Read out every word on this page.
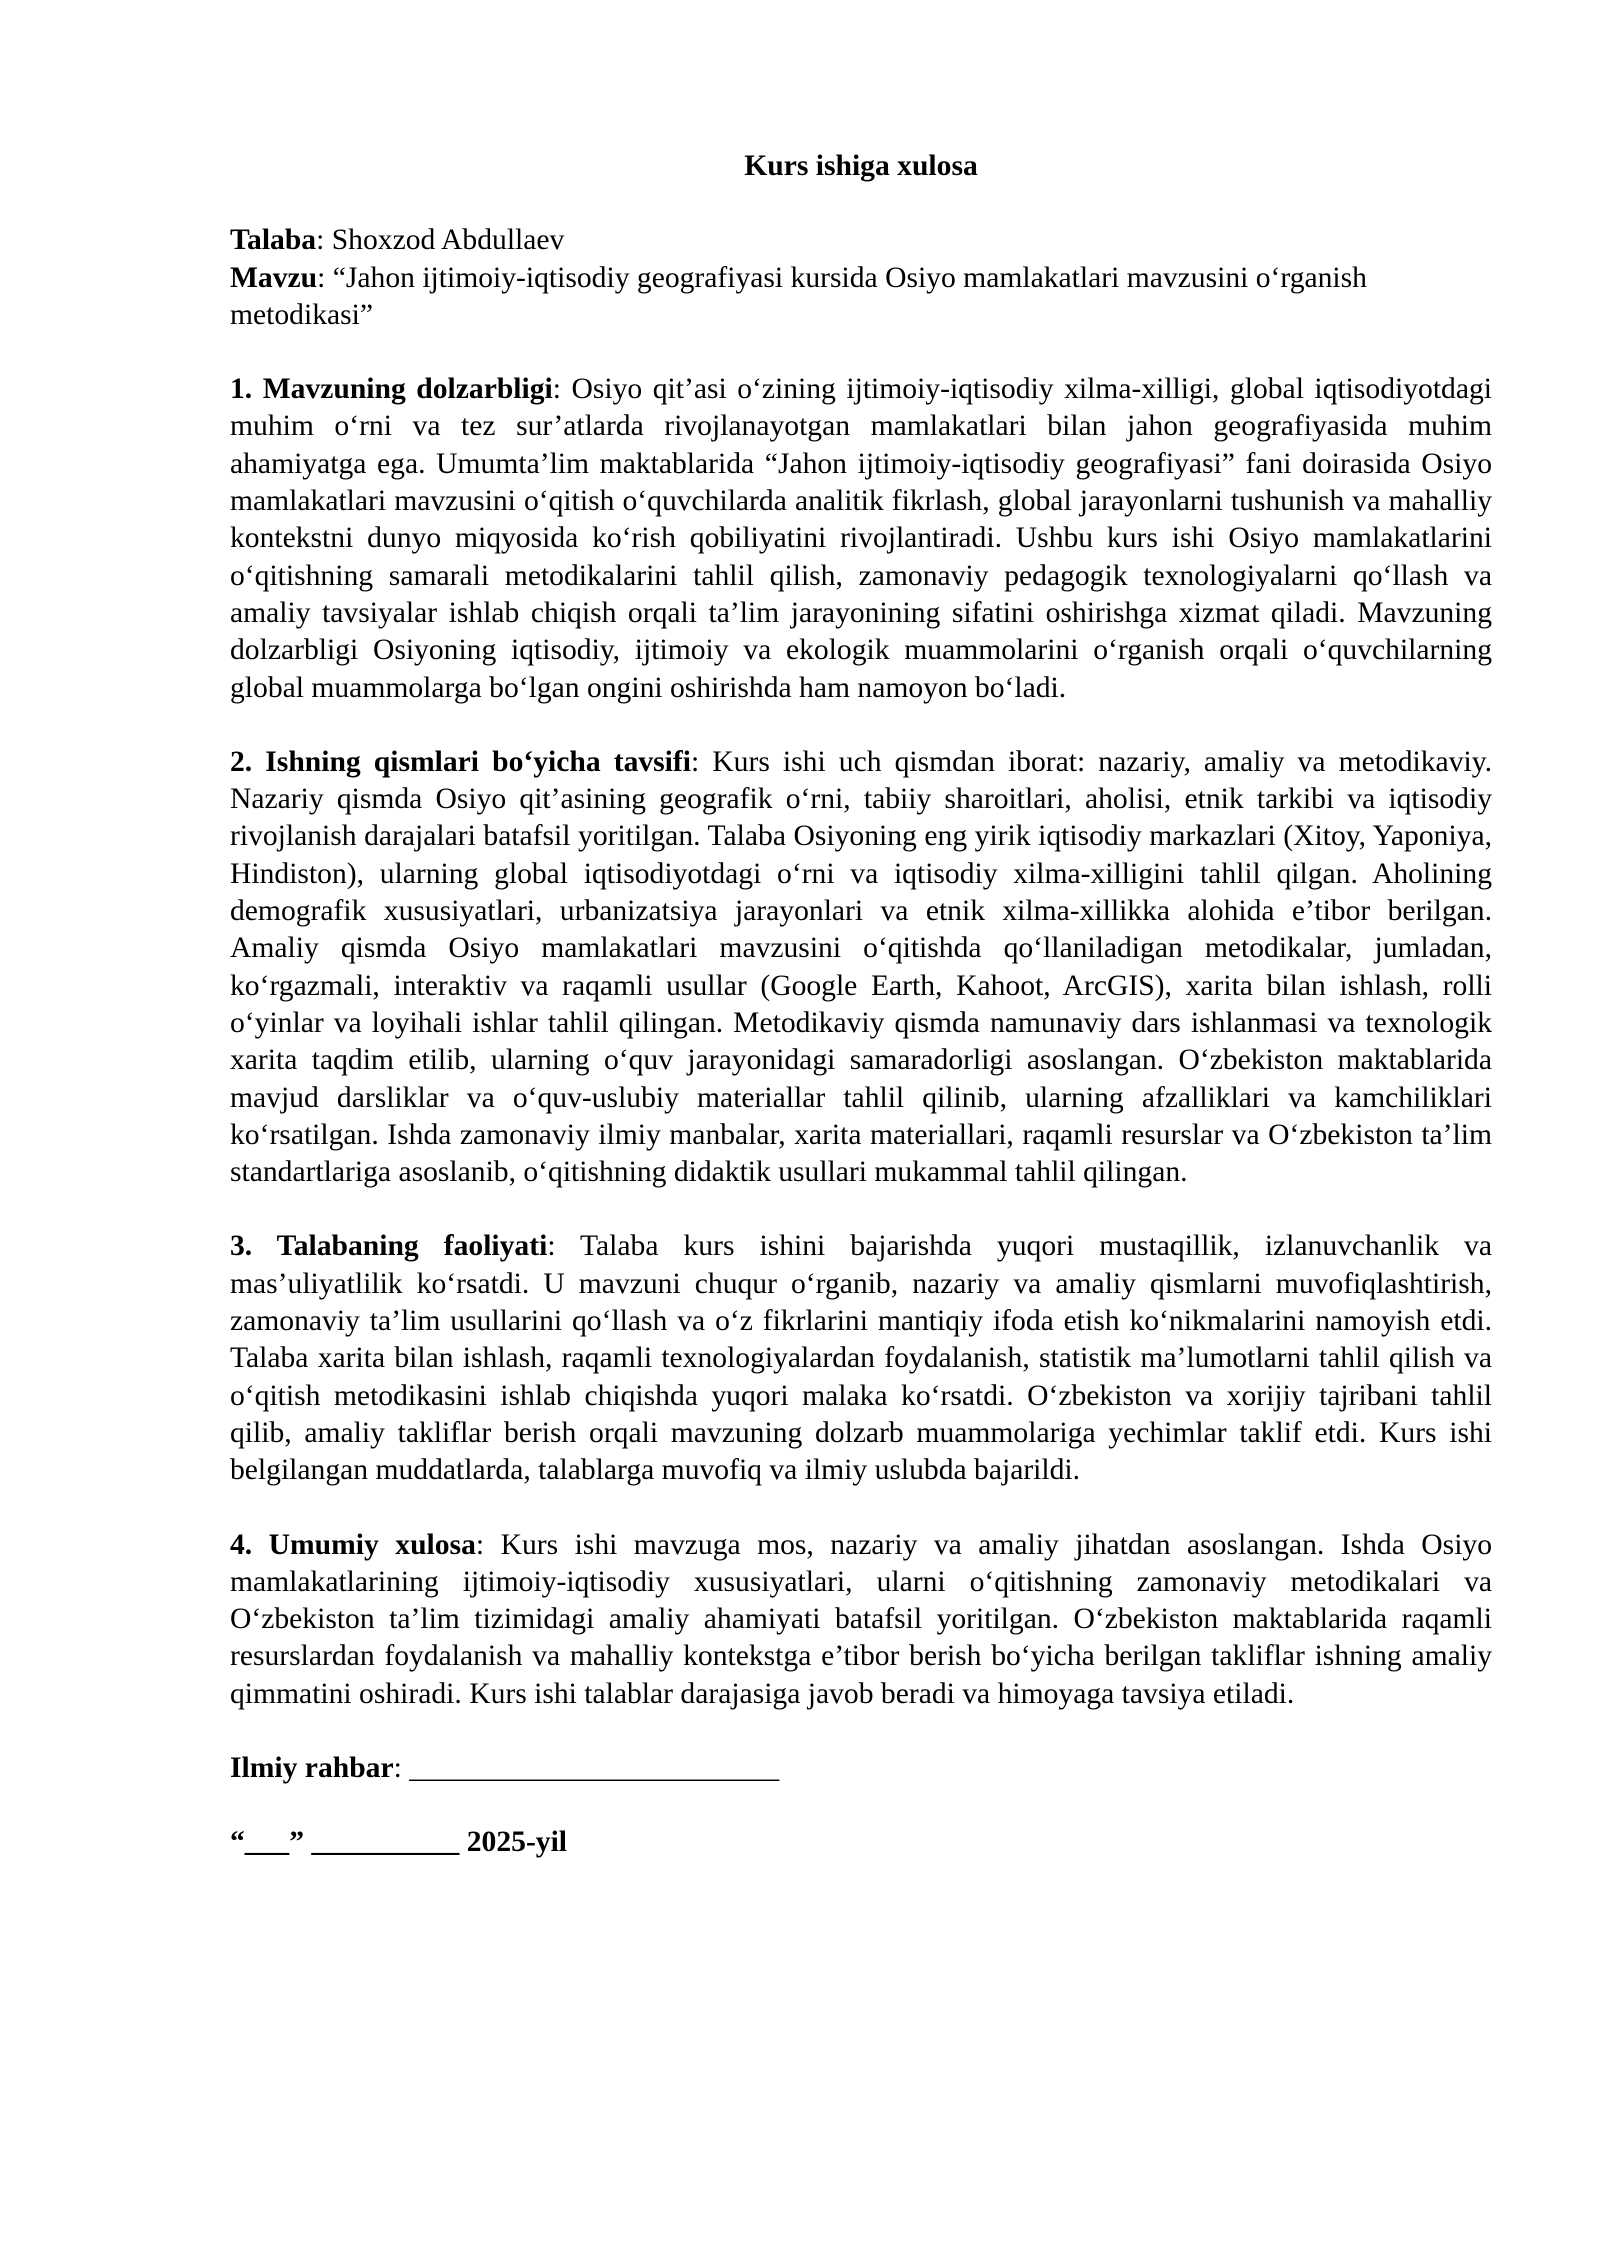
Kurs ishiga xulosa

Talaba: Shoxzod Abdullaev

Mavzu: “Jahon ijtimoiy-iqtisodiy geografiyasi kursida Osiyo mamlakatlari mavzusini o‘rganish metodikasi”

1. Mavzuning dolzarbligi: Osiyo qit’asi o‘zining ijtimoiy-iqtisodiy xilma-xilligi, global iqtisodiyotdagi muhim o‘rni va tez sur’atlarda rivojlanayotgan mamlakatlari bilan jahon geografiyasida muhim ahamiyatga ega. Umumta’lim maktablarida “Jahon ijtimoiy-iqtisodiy geografiyasi” fani doirasida Osiyo mamlakatlari mavzusini o‘qitish o‘quvchilarda analitik fikrlash, global jarayonlarni tushunish va mahalliy kontekstni dunyo miqyosida ko‘rish qobiliyatini rivojlantiradi. Ushbu kurs ishi Osiyo mamlakatlarini o‘qitishning samarali metodikalarini tahlil qilish, zamonaviy pedagogik texnologiyalarni qo‘llash va amaliy tavsiyalar ishlab chiqish orqali ta’lim jarayonining sifatini oshirishga xizmat qiladi. Mavzuning dolzarbligi Osiyoning iqtisodiy, ijtimoiy va ekologik muammolarini o‘rganish orqali o‘quvchilarning global muammolarga bo‘lgan ongini oshirishda ham namoyon bo‘ladi.

2. Ishning qismlari bo‘yicha tavsifi: Kurs ishi uch qismdan iborat: nazariy, amaliy va metodikaviy. Nazariy qismda Osiyo qit’asining geografik o‘rni, tabiiy sharoitlari, aholisi, etnik tarkibi va iqtisodiy rivojlanish darajalari batafsil yoritilgan. Talaba Osiyoning eng yirik iqtisodiy markazlari (Xitoy, Yaponiya, Hindiston), ularning global iqtisodiyotdagi o‘rni va iqtisodiy xilma-xilligini tahlil qilgan. Aholining demografik xususiyatlari, urbanizatsiya jarayonlari va etnik xilma-xillikka alohida e’tibor berilgan. Amaliy qismda Osiyo mamlakatlari mavzusini o‘qitishda qo‘llaniladigan metodikalar, jumladan, ko‘rgazmali, interaktiv va raqamli usullar (Google Earth, Kahoot, ArcGIS), xarita bilan ishlash, rolli o‘yinlar va loyihali ishlar tahlil qilingan. Metodikaviy qismda namunaviy dars ishlanmasi va texnologik xarita taqdim etilib, ularning o‘quv jarayonidagi samaradorligi asoslangan. O‘zbekiston maktablarida mavjud darsliklar va o‘quv-uslubiy materiallar tahlil qilinib, ularning afzalliklari va kamchiliklari ko‘rsatilgan. Ishda zamonaviy ilmiy manbalar, xarita materiallari, raqamli resurslar va O‘zbekiston ta’lim standartlariga asoslanib, o‘qitishning didaktik usullari mukammal tahlil qilingan.

3. Talabaning faoliyati: Talaba kurs ishini bajarishda yuqori mustaqillik, izlanuvchanlik va mas’uliyatlilik ko‘rsatdi. U mavzuni chuqur o‘rganib, nazariy va amaliy qismlarni muvofiqlashtirish, zamonaviy ta’lim usullarini qo‘llash va o‘z fikrlarini mantiqiy ifoda etish ko‘nikmalarini namoyish etdi. Talaba xarita bilan ishlash, raqamli texnologiyalardan foydalanish, statistik ma’lumotlarni tahlil qilish va o‘qitish metodikasini ishlab chiqishda yuqori malaka ko‘rsatdi. O‘zbekiston va xorijiy tajribani tahlil qilib, amaliy takliflar berish orqali mavzuning dolzarb muammolariga yechimlar taklif etdi. Kurs ishi belgilangan muddatlarda, talablarga muvofiq va ilmiy uslubda bajarildi.

4. Umumiy xulosa: Kurs ishi mavzuga mos, nazariy va amaliy jihatdan asoslangan. Ishda Osiyo mamlakatlarining ijtimoiy-iqtisodiy xususiyatlari, ularni o‘qitishning zamonaviy metodikalari va O‘zbekiston ta’lim tizimidagi amaliy ahamiyati batafsil yoritilgan. O‘zbekiston maktablarida raqamli resurslardan foydalanish va mahalliy kontekstga e’tibor berish bo‘yicha berilgan takliflar ishning amaliy qimmatini oshiradi. Kurs ishi talablar darajasiga javob beradi va himoyaga tavsiya etiladi.

Ilmiy rahbar: _________________________

“___” __________ 2025-yil
